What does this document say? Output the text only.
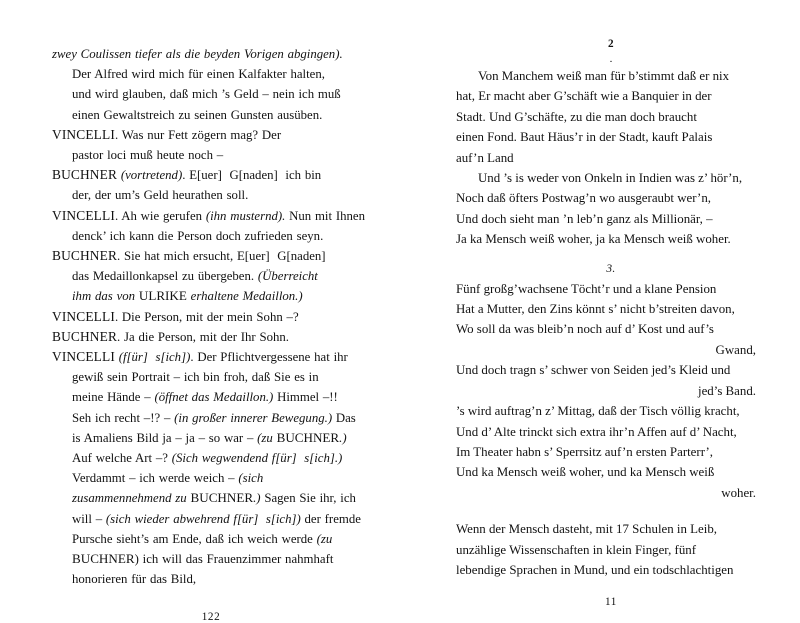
zwey Coulissen tiefer als die beyden Vorigen abgingen).
Der Alfred wird mich für einen Kalfakter halten,
und wird glauben, daß mich ’s Geld – nein ich muß
einen Gewaltstreich zu seinen Gunsten ausüben.
VINCELLI. Was nur Fett zögern mag? Der
pastor loci muß heute noch –
BUCHNER (vortretend). E[uer]  G[naden]  ich bin
der, der um’s Geld heurathen soll.
VINCELLI. Ah wie gerufen (ihn musternd). Nun mit Ihnen
denck’ ich kann die Person doch zufrieden seyn.
BUCHNER. Sie hat mich ersucht, E[uer]  G[naden]
das Medaillonkapsel zu übergeben. (Überreicht
ihm das von ULRIKE erhaltene Medaillon.)
VINCELLI. Die Person, mit der mein Sohn –?
BUCHNER. Ja die Person, mit der Ihr Sohn.
VINCELLI (f[ür]  s[ich]). Der Pflichtvergessene hat ihr
gewiß sein Portrait – ich bin froh, daß Sie es in
meine Hände – (öffnet das Medaillon.) Himmel –!!
Seh ich recht –!? – (in großer innerer Bewegung.) Das
is Amaliens Bild ja – ja – so war – (zu BUCHNER.)
Auf welche Art –? (Sich wegwendend f[ür]  s[ich].)
Verdammt – ich werde weich – (sich
zusammennehmend zu BUCHNER.) Sagen Sie ihr, ich
will – (sich wieder abwehrend f[ür]  s[ich]) der fremde
Pursche sieht’s am Ende, daß ich weich werde (zu
BUCHNER) ich will das Frauenzimmer nahmhaft
honorieren für das Bild,
122
2
.
Von Manchem weiß man für b’stimmt daß er nix
hat, Er macht aber G’schäft wie a Banquier in der
Stadt. Und G’schäfte, zu die man doch braucht
einen Fond. Baut Häus’r in der Stadt, kauft Palais
auf’n Land
Und ’s is weder von Onkeln in Indien was z’ hör’n,
Noch daß öfters Postwag’n wo ausgeraubt wer’n,
Und doch sieht man ’n leb’n ganz als Millionär, –
Ja ka Mensch weiß woher, ja ka Mensch weiß woher.
3.
Fünf großg’wachsene Töcht’r und a klane Pension
Hat a Mutter, den Zins könnt s’ nicht b’streiten davon,
Wo soll da was bleib’n noch auf d’ Kost und auf’s
Gwand,
Und doch tragn s’ schwer von Seiden jed’s Kleid und
jed’s Band.
’s wird auftrag’n z’ Mittag, daß der Tisch völlig kracht,
Und d’ Alte trinckt sich extra ihr’n Affen auf d’ Nacht,
Im Theater habn s’ Sperrsitz auf’n ersten Parterr’,
Und ka Mensch weiß woher, und ka Mensch weiß
woher.
Wenn der Mensch dasteht, mit 17 Schulen in Leib,
unzählige Wissenschaften in klein Finger, fünf
lebendige Sprachen in Mund, und ein todschlachtigen
11
